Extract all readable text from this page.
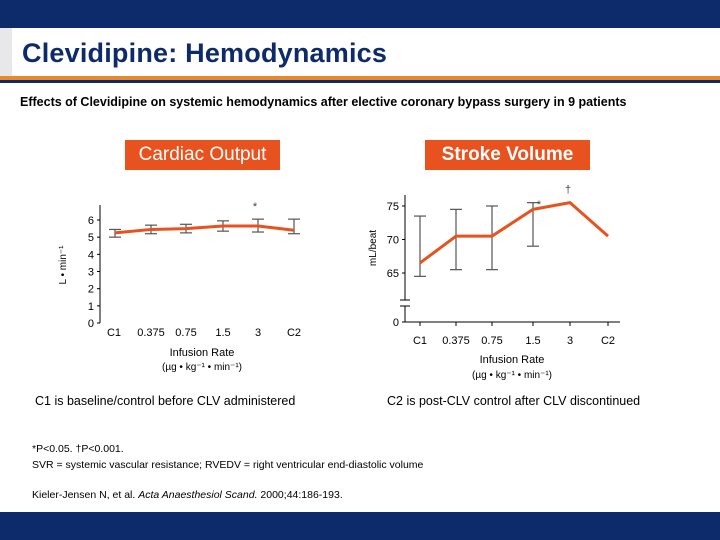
Clevidipine: Hemodynamics
Effects of Clevidipine on systemic hemodynamics after elective coronary bypass surgery in 9 patients
Cardiac Output	Stroke Volume
0
1
2
3
4
5
6
C1 0.375 0.75 1.5 3 C2
L • min⁻¹
Infusion Rate
(µg • kg⁻¹ • min⁻¹)
*
0
65
70
75
C1 0.375 0.75 1.5 3	C2
mL/beat
Infusion Rate
(µg • kg⁻¹ • min⁻¹)
*
†
C1 is baseline/control before CLV administered	C2 is post-CLV control after CLV discontinued
*P<0.05. †P<0.001.
SVR = systemic vascular resistance; RVEDV = right ventricular end-diastolic volume
Kieler-Jensen N, et al. Acta Anaesthesiol Scand. 2000;44:186-193.
